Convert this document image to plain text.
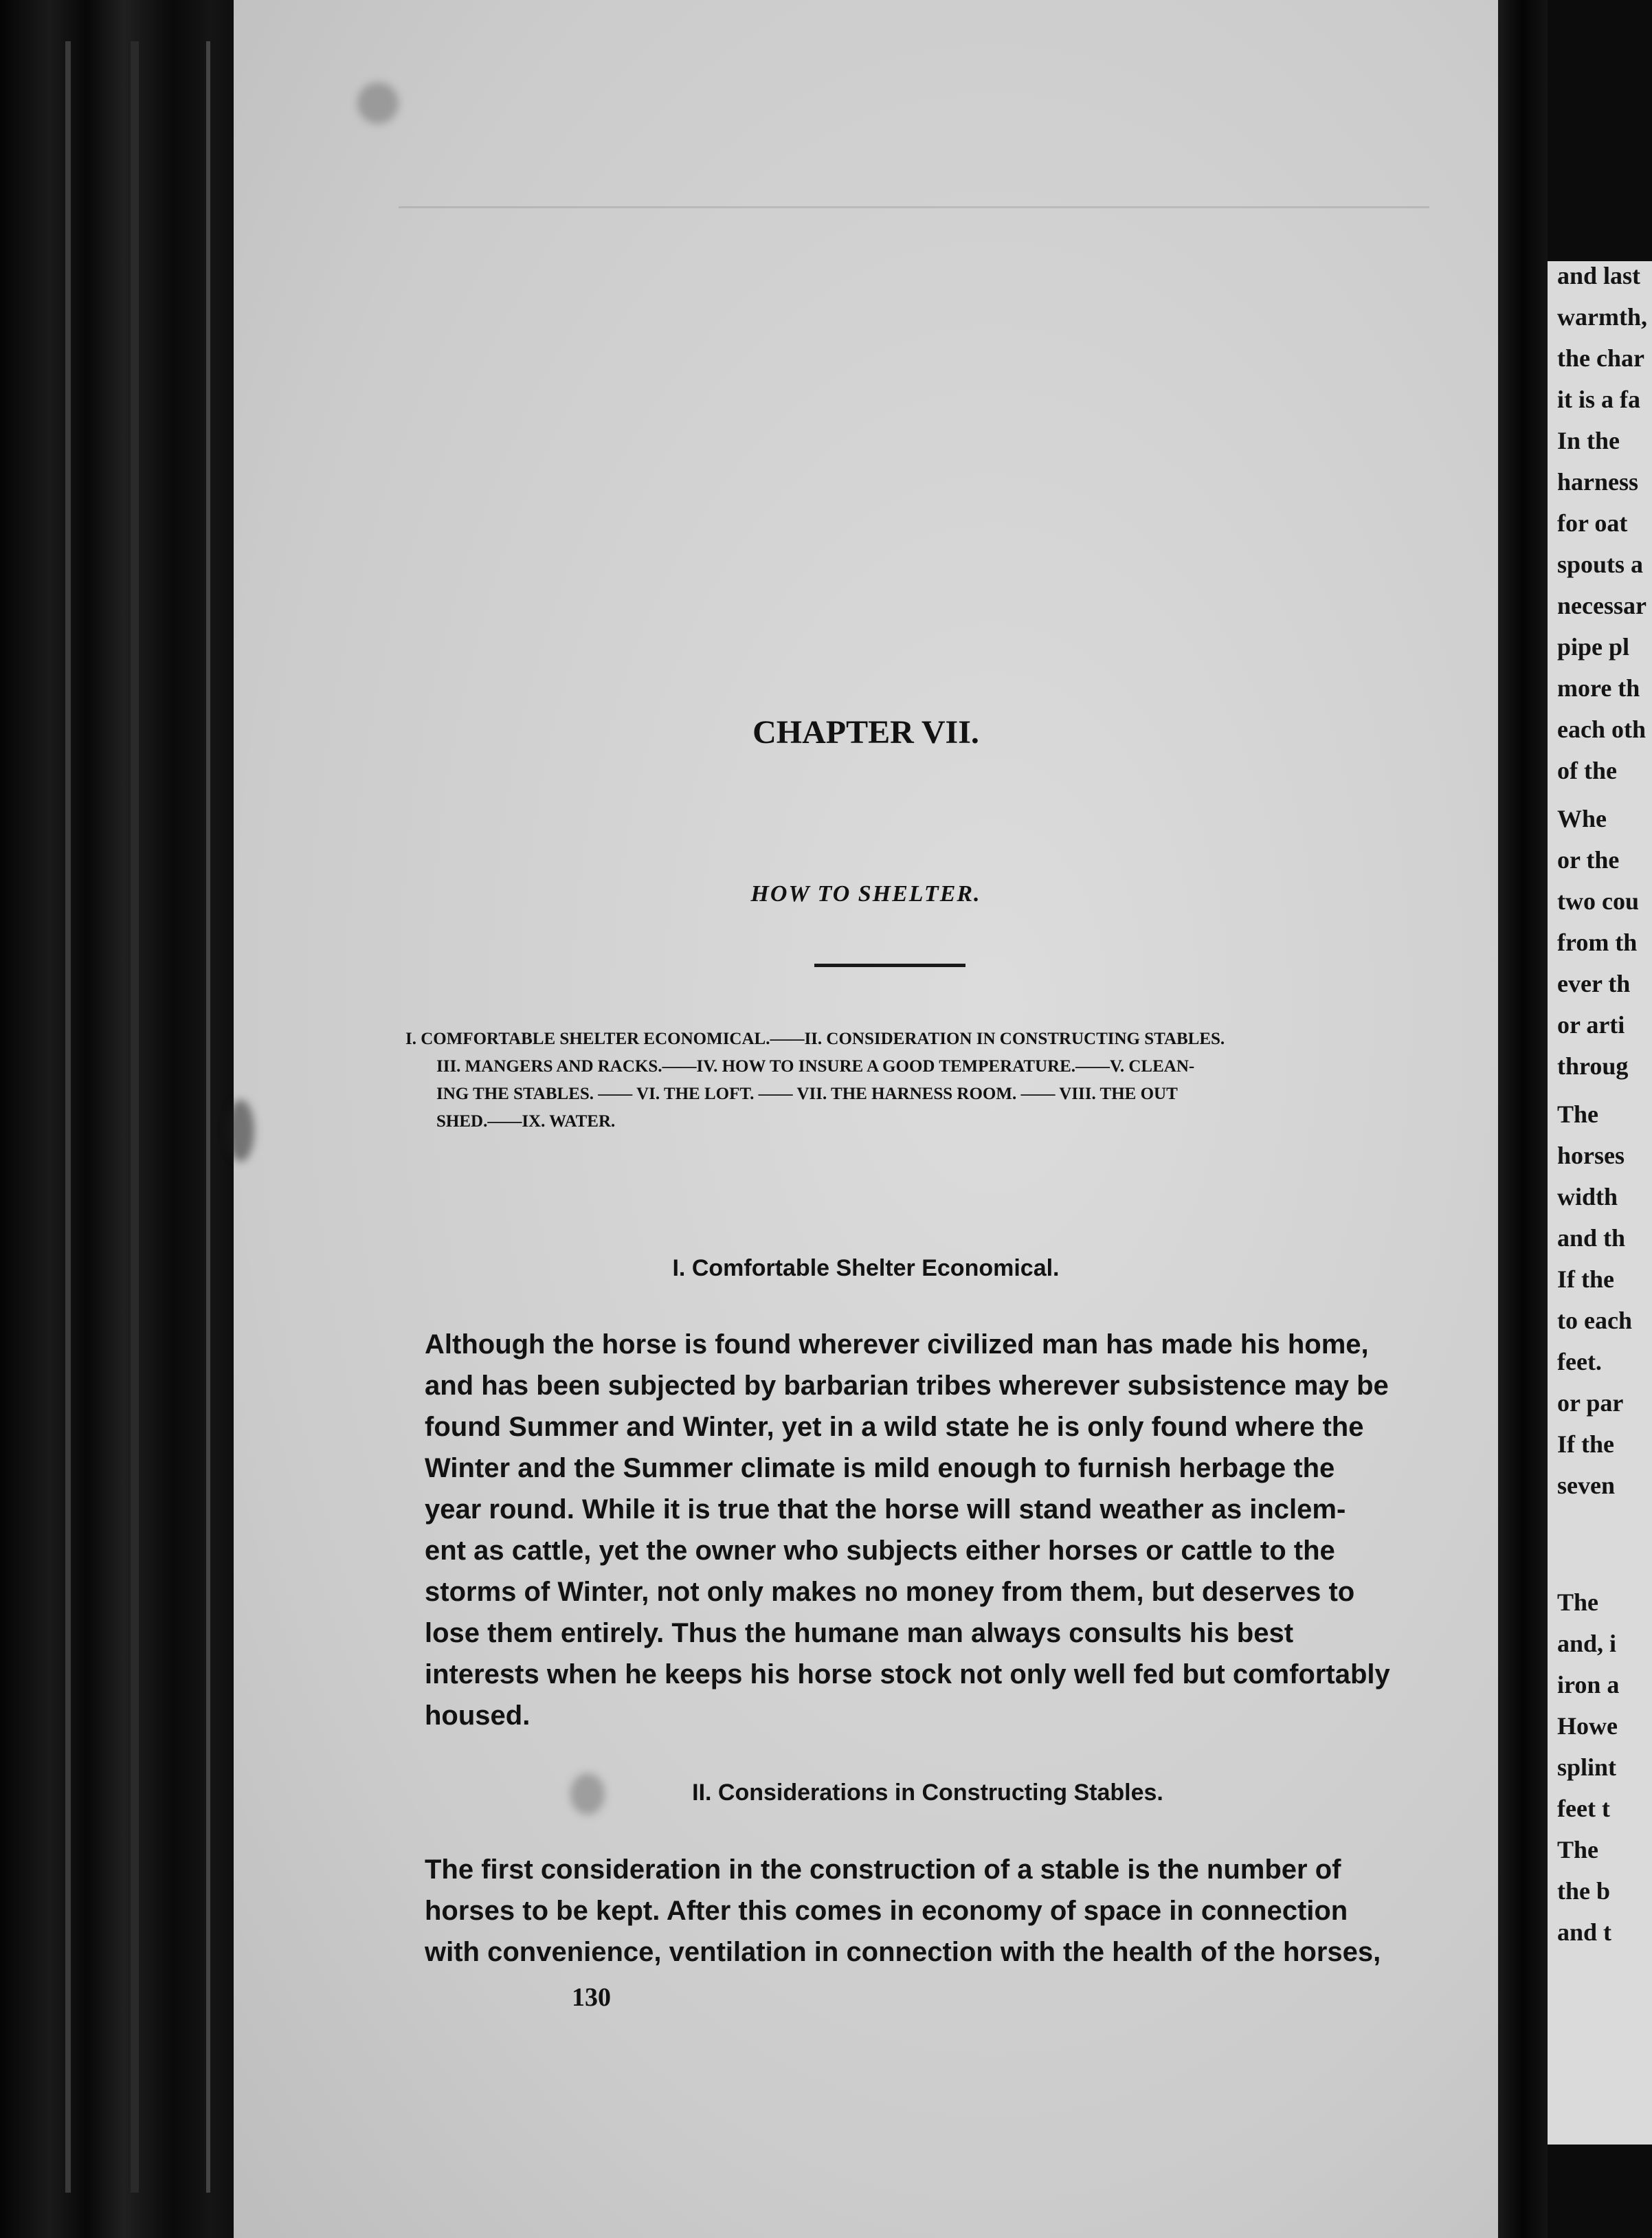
CHAPTER VII.
HOW TO SHELTER.
I. COMFORTABLE SHELTER ECONOMICAL.——II. CONSIDERATION IN CONSTRUCTING STABLES.
III. MANGERS AND RACKS.——IV. HOW TO INSURE A GOOD TEMPERATURE.——V. CLEAN-
ING THE STABLES. —— VI. THE LOFT. —— VII. THE HARNESS ROOM. —— VIII. THE OUT
SHED.——IX. WATER.
I. Comfortable Shelter Economical.
Although the horse is found wherever civilized man has made his home,
and has been subjected by barbarian tribes wherever subsistence may be
found Summer and Winter, yet in a wild state he is only found where the
Winter and the Summer climate is mild enough to furnish herbage the
year round. While it is true that the horse will stand weather as inclem-
ent as cattle, yet the owner who subjects either horses or cattle to the
storms of Winter, not only makes no money from them, but deserves to
lose them entirely. Thus the humane man always consults his best
interests when he keeps his horse stock not only well fed but comfortably
housed.
II. Considerations in Constructing Stables.
The first consideration in the construction of a stable is the number of
horses to be kept. After this comes in economy of space in connection
with convenience, ventilation in connection with the health of the horses,
130
and last
warmth,
the char
it is a fa
In the
harness
for oat
spouts a
necessar
pipe pl
more th
each oth
of the
Whe
or the
two cou
from th
ever th
or arti
throug
The
horses
width
and th
If the
to each
feet.
or par
If the
seven
The
and, i
iron a
Howe
splint
feet t
The
the b
and t
